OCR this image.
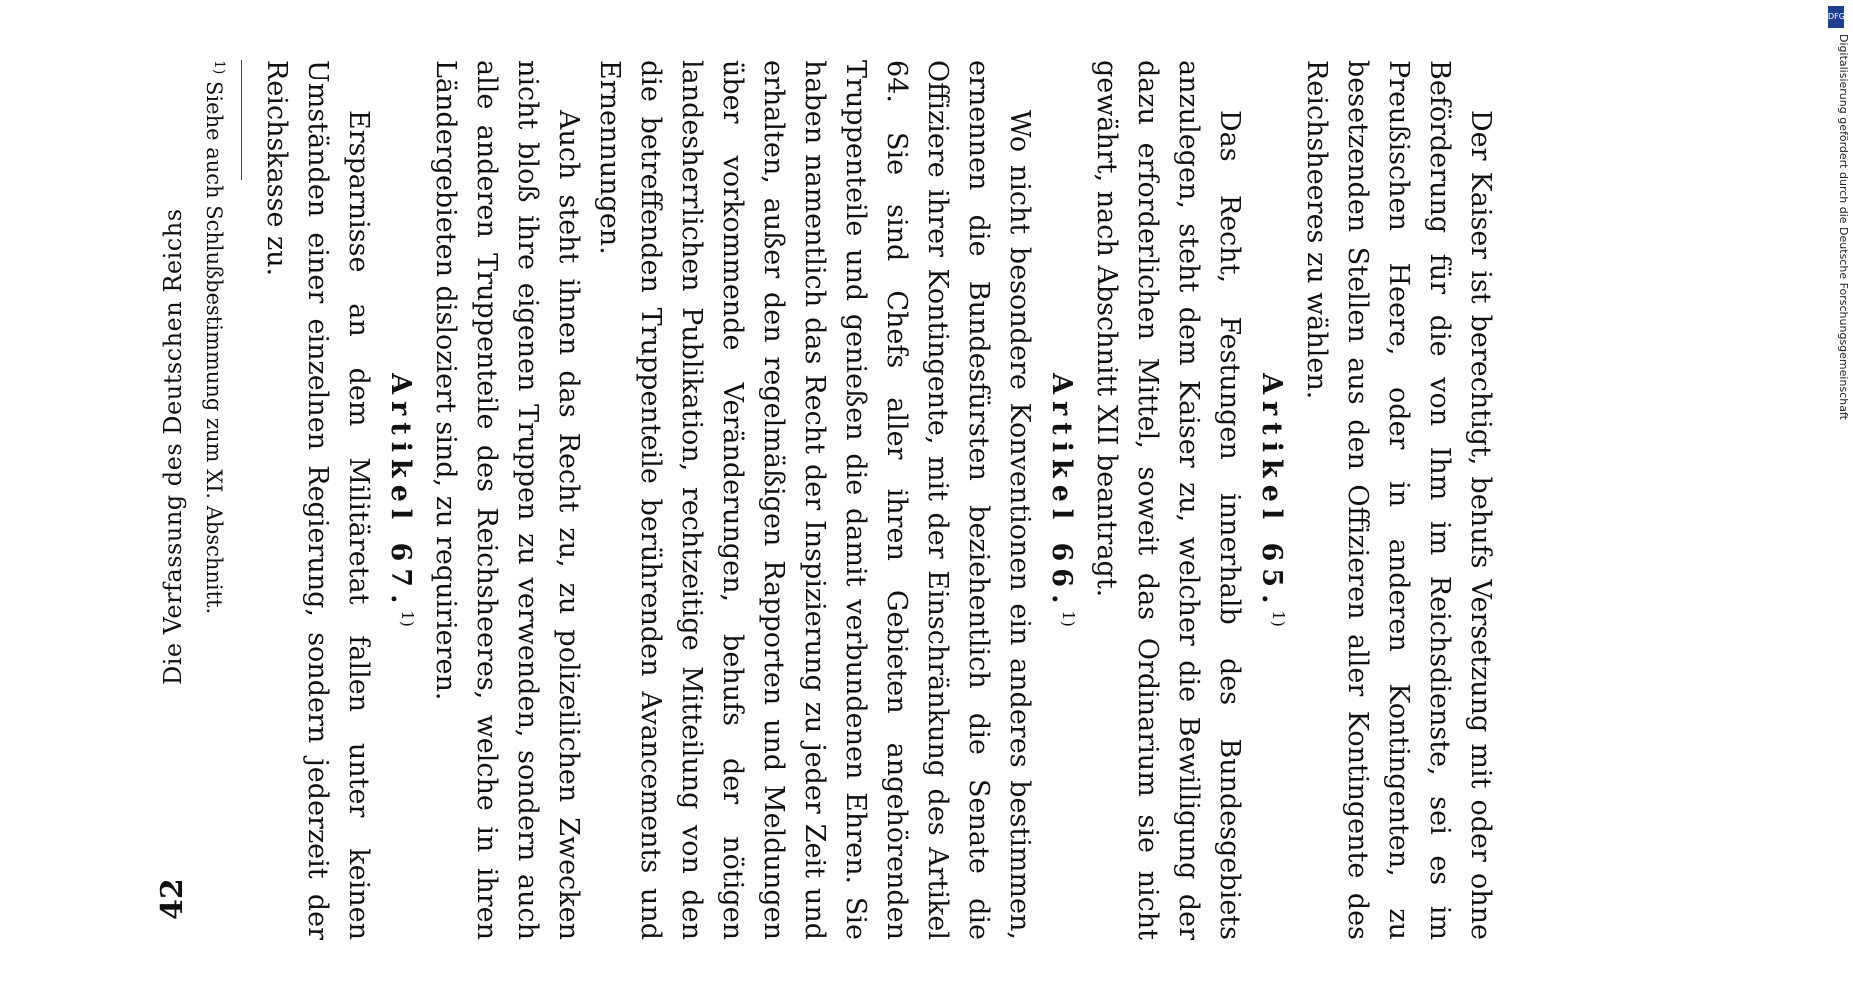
42
Die Verfassung des Deutschen Reichs	Der Kaiser ist berechtigt, behufs Versetzung mit oder ohne Beförderung für die von Ihm im Reichsdienste, sei es im Preußischen Heere, oder in anderen Kontingenten, zu besetzenden Stellen aus den Offizieren aller Kontingente des Reichsheeres zu wählen.

Artikel 65.$^{1)}$

Das Recht, Festungen innerhalb des Bundesgebiets anzulegen, steht dem Kaiser zu, welcher die Bewilligung der dazu erforderlichen Mittel, soweit das Ordinarium sie nicht gewährt, nach Abschnitt XII beantragt.

Artikel 66.$^{1)}$

Wo nicht besondere Konventionen ein anderes bestimmen, ernennen die Bundesfürsten beziehentlich die Senate die Offiziere ihrer Kontingente, mit der Einschränkung des Artikel 64. Sie sind Chefs aller ihren Gebieten angehörenden Truppenteile und genießen die damit verbundenen Ehren. Sie haben namentlich das Recht der Inspizierung zu jeder Zeit und erhalten, außer den regelmäßigen Rapporten und Meldungen über vorkommende Veränderungen, behufs der nötigen landesherrlichen Publikation, rechtzeitige Mitteilung von den die betreffenden Truppenteile berührenden Avancements und Ernennungen.

Auch steht ihnen das Recht zu, zu polizeilichen Zwecken nicht bloß ihre eigenen Truppen zu verwenden, sondern auch alle anderen Truppenteile des Reichsheeres, welche in ihren Ländergebieten disloziert sind, zu requirieren.

Artikel 67.$^{1)}$

Ersparnisse an dem Militäretat fallen unter keinen Umständen einer einzelnen Regierung, sondern jederzeit der Reichskasse zu.

$^{1)}$ Siehe auch Schlußbestimmung zum XI. Abschnitt.
DFG
Digitalisierung gefördert durch die Deutsche Forschungsgemeinschaft
